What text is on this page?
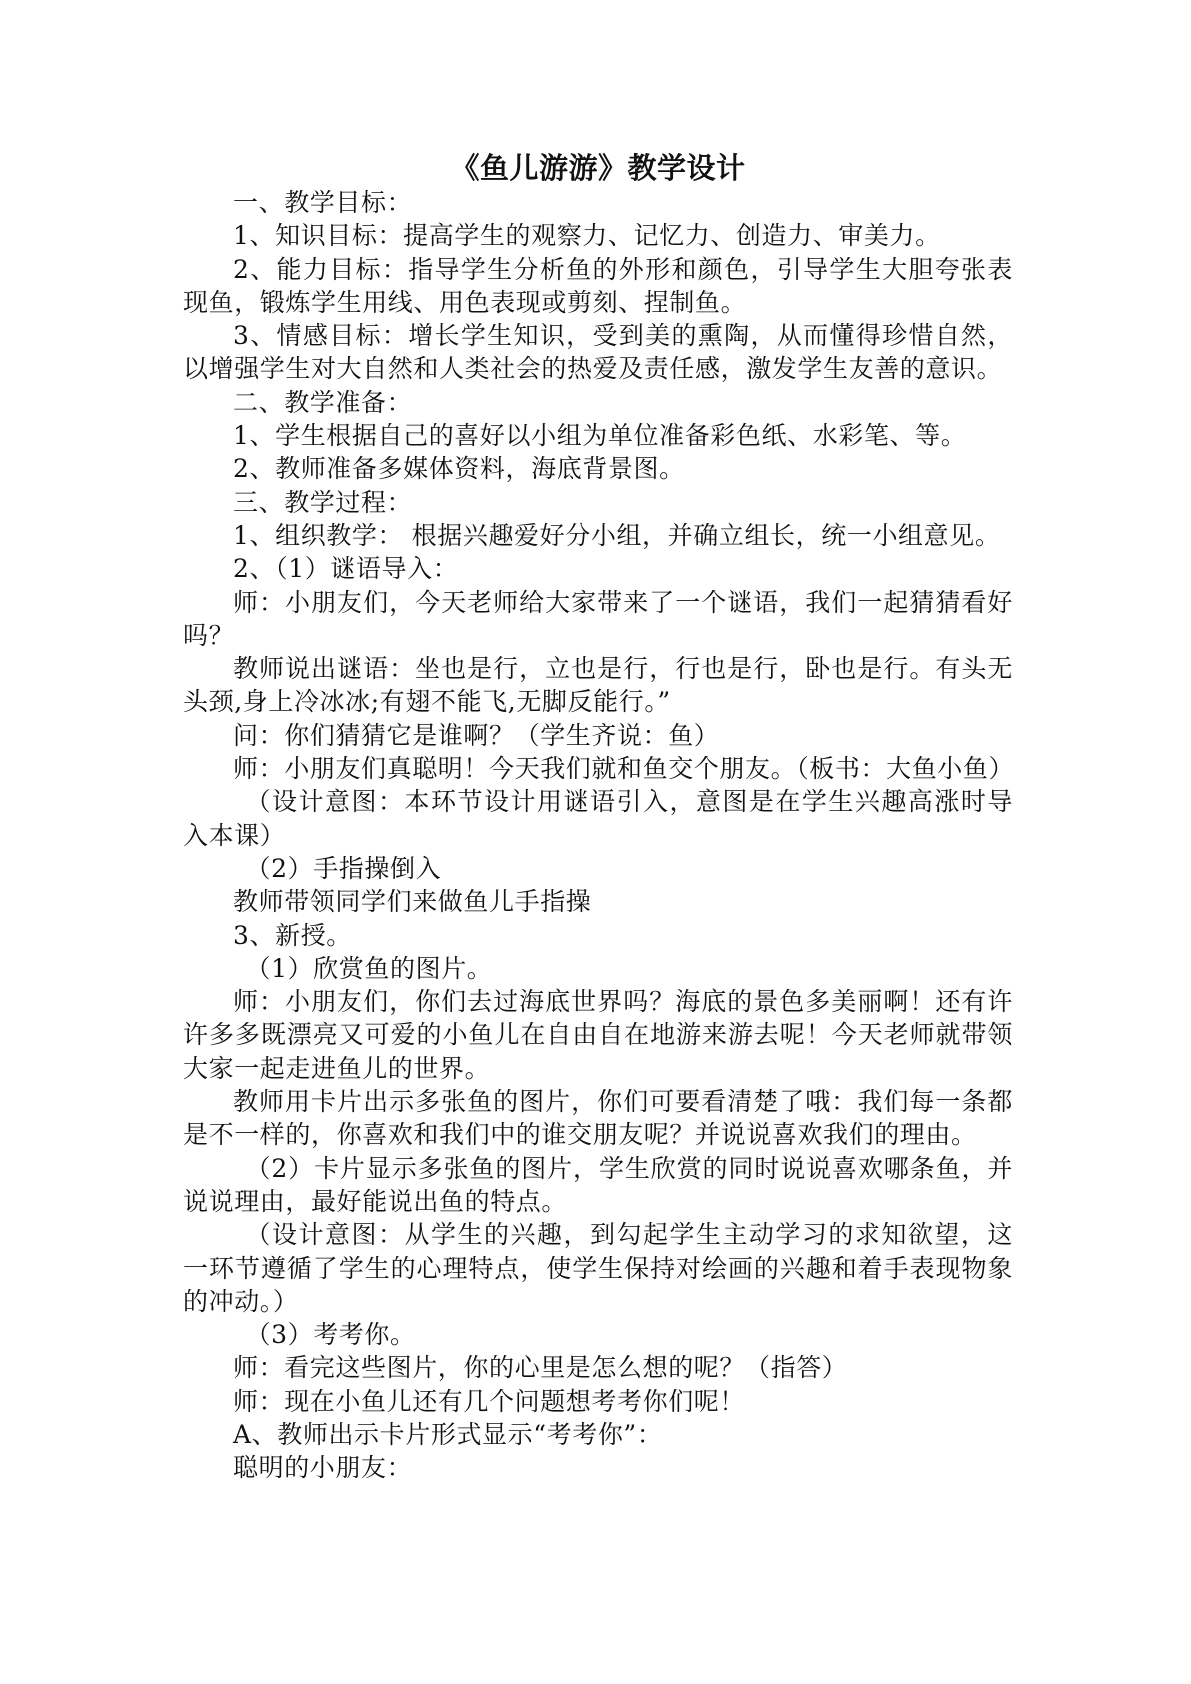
《鱼儿游游》教学设计

一、教学目标：

1、知识目标：提高学生的观察力、记忆力、创造力、审美力。

2、能力目标：指导学生分析鱼的外形和颜色，引导学生大胆夸张表现鱼，锻炼学生用线、用色表现或剪刻、捏制鱼。

3、情感目标：增长学生知识，受到美的熏陶，从而懂得珍惜自然，以增强学生对大自然和人类社会的热爱及责任感，激发学生友善的意识。

二、教学准备：

1、学生根据自己的喜好以小组为单位准备彩色纸、水彩笔、等。

2、教师准备多媒体资料，海底背景图。

三、教学过程：

1、组织教学： 根据兴趣爱好分小组，并确立组长，统一小组意见。

2、（1）谜语导入：

师：小朋友们，今天老师给大家带来了一个谜语，我们一起猜猜看好吗？

教师说出谜语：坐也是行，立也是行，行也是行，卧也是行。有头无头颈,身上冷冰冰;有翅不能飞,无脚反能行。”

问：你们猜猜它是谁啊？（学生齐说：鱼）

师：小朋友们真聪明！今天我们就和鱼交个朋友。（板书：大鱼小鱼）

（设计意图：本环节设计用谜语引入，意图是在学生兴趣高涨时导入本课）

（2）手指操倒入

教师带领同学们来做鱼儿手指操

3、新授。

（1）欣赏鱼的图片。

师：小朋友们，你们去过海底世界吗？海底的景色多美丽啊！还有许许多多既漂亮又可爱的小鱼儿在自由自在地游来游去呢！今天老师就带领大家一起走进鱼儿的世界。

教师用卡片出示多张鱼的图片，你们可要看清楚了哦：我们每一条都是不一样的，你喜欢和我们中的谁交朋友呢？并说说喜欢我们的理由。

（2）卡片显示多张鱼的图片，学生欣赏的同时说说喜欢哪条鱼，并说说理由，最好能说出鱼的特点。

（设计意图：从学生的兴趣，到勾起学生主动学习的求知欲望，这一环节遵循了学生的心理特点，使学生保持对绘画的兴趣和着手表现物象的冲动。）

（3）考考你。

师：看完这些图片，你的心里是怎么想的呢？（指答）

师：现在小鱼儿还有几个问题想考考你们呢！

A、教师出示卡片形式显示“考考你”：

聪明的小朋友：
